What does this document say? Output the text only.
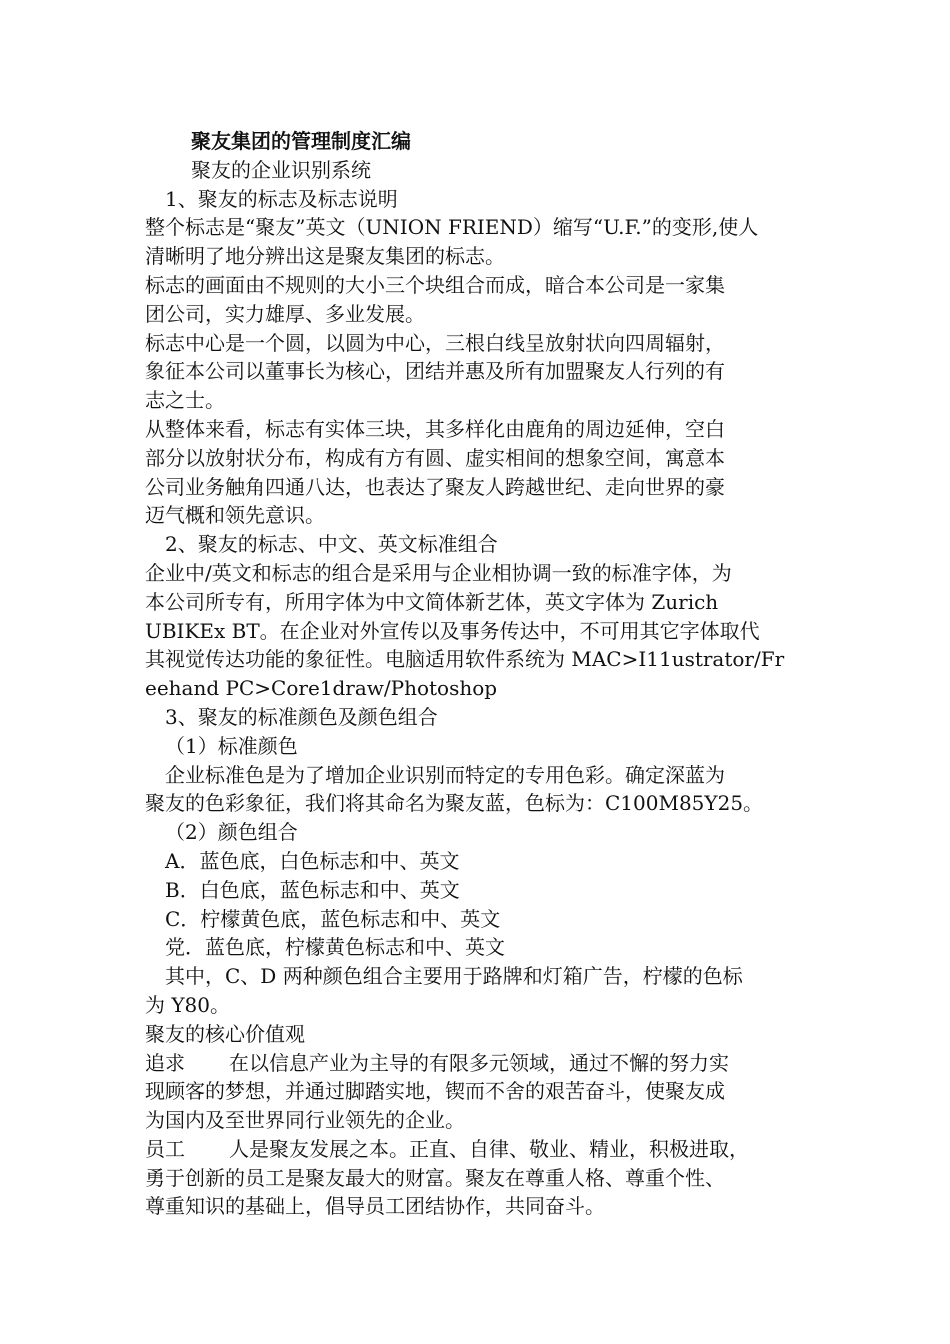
聚友集团的管理制度汇编

聚友的企业识别系统

1、聚友的标志及标志说明

整个标志是“聚友”英文（UNION FRIEND）缩写“U.F.”的变形,使人
清晰明了地分辨出这是聚友集团的标志。

标志的画面由不规则的大小三个块组合而成，暗合本公司是一家集
团公司，实力雄厚、多业发展。

标志中心是一个圆，以圆为中心，三根白线呈放射状向四周辐射，
象征本公司以董事长为核心，团结并惠及所有加盟聚友人行列的有
志之士。

从整体来看，标志有实体三块，其多样化由鹿角的周边延伸，空白
部分以放射状分布，构成有方有圆、虚实相间的想象空间，寓意本
公司业务触角四通八达，也表达了聚友人跨越世纪、走向世界的豪
迈气概和领先意识。

2、聚友的标志、中文、英文标准组合

企业中/英文和标志的组合是采用与企业相协调一致的标准字体，为
本公司所专有，所用字体为中文简体新艺体，英文字体为 Zurich
UBIKEx BT。在企业对外宣传以及事务传达中，不可用其它字体取代
其视觉传达功能的象征性。电脑适用软件系统为 MAC>I11ustrator/Fr
eehand PC>Core1draw/Photoshop

3、聚友的标准颜色及颜色组合

（1）标准颜色

企业标准色是为了增加企业识别而特定的专用色彩。确定深蓝为
聚友的色彩象征，我们将其命名为聚友蓝，色标为：C100M85Y25。

（2）颜色组合

A．蓝色底，白色标志和中、英文

B．白色底，蓝色标志和中、英文

C．柠檬黄色底，蓝色标志和中、英文

党．蓝色底，柠檬黄色标志和中、英文

其中，C、D 两种颜色组合主要用于路牌和灯箱广告，柠檬的色标
为 Y80。

聚友的核心价值观

追求 在以信息产业为主导的有限多元领域，通过不懈的努力实
现顾客的梦想，并通过脚踏实地，锲而不舍的艰苦奋斗，使聚友成
为国内及至世界同行业领先的企业。

员工 人是聚友发展之本。正直、自律、敬业、精业，积极进取，
勇于创新的员工是聚友最大的财富。聚友在尊重人格、尊重个性、
尊重知识的基础上，倡导员工团结协作，共同奋斗。
